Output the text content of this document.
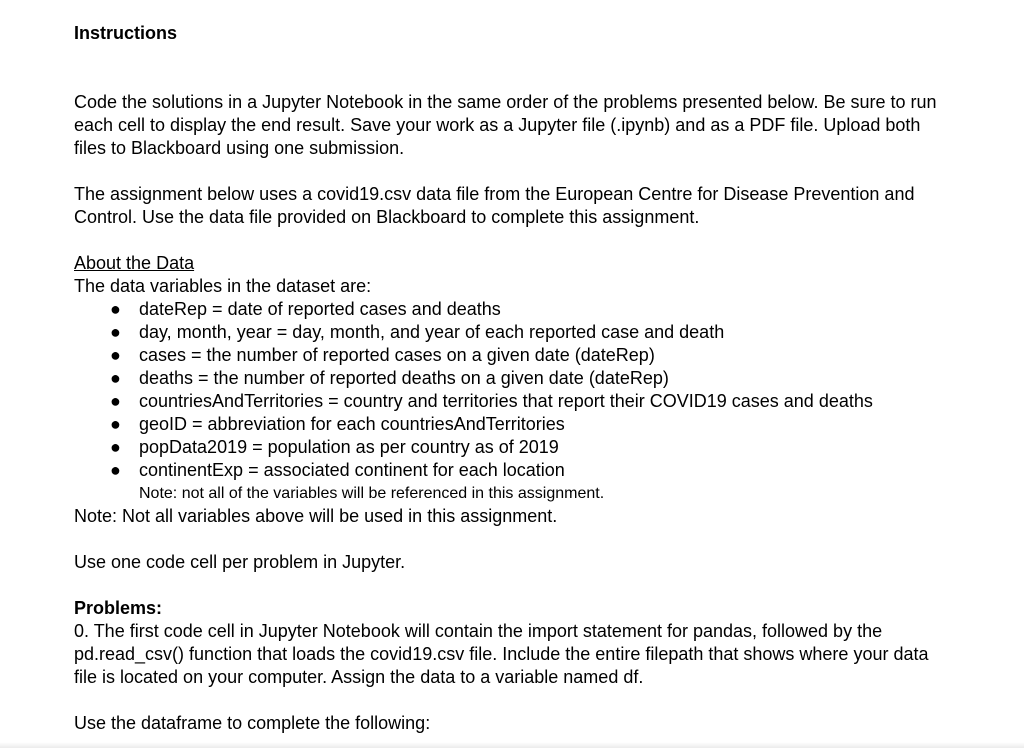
Instructions

Code the solutions in a Jupyter Notebook in the same order of the problems presented below. Be sure to run each cell to display the end result. Save your work as a Jupyter file (.ipynb) and as a PDF file. Upload both files to Blackboard using one submission.

The assignment below uses a covid19.csv data file from the European Centre for Disease Prevention and Control. Use the data file provided on Blackboard to complete this assignment.

About the Data

The data variables in the dataset are:

● dateRep = date of reported cases and deaths
● day, month, year = day, month, and year of each reported case and death
● cases = the number of reported cases on a given date (dateRep)
● deaths = the number of reported deaths on a given date (dateRep)
● countriesAndTerritories = country and territories that report their COVID19 cases and deaths
● geoID = abbreviation for each countriesAndTerritories
● popData2019 = population as per country as of 2019
● continentExp = associated continent for each location

Note: not all of the variables will be referenced in this assignment.

Note: Not all variables above will be used in this assignment.

Use one code cell per problem in Jupyter.

Problems:

0. The first code cell in Jupyter Notebook will contain the import statement for pandas, followed by the pd.read_csv() function that loads the covid19.csv file. Include the entire filepath that shows where your data file is located on your computer. Assign the data to a variable named df.

Use the dataframe to complete the following:
